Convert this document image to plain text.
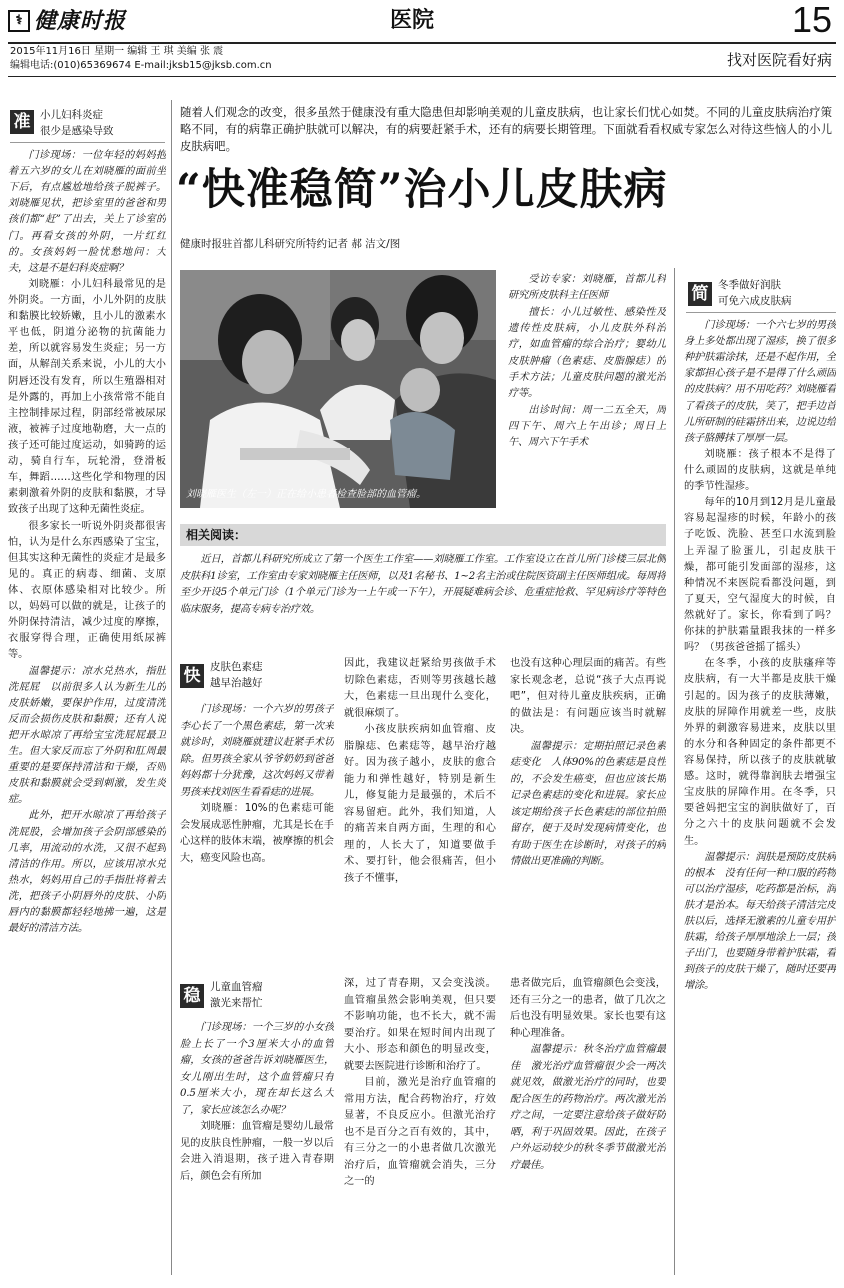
⚕ 健康时报	医院	15
2015年11月16日 星期一 编辑 王 琪 美编 张 震
编辑电话:(010)65369674 E-mail:jksb15@jksb.com.cn	找对医院看好病
准 小儿妇科炎症
很少是感染导致

门诊现场：一位年轻的妈妈抱着五六岁的女儿在刘晓雁的面前坐下后，有点尴尬地给孩子脱裤子。刘晓雁见状，把诊室里的爸爸和男孩们都“赶”了出去，关上了诊室的门。再看女孩的外阴，一片红红的。女孩妈妈一脸忧愁地问：大夫，这是不是妇科炎症啊？

刘晓雁：小儿妇科最常见的是外阴炎。一方面，小儿外阴的皮肤和黏膜比较娇嫩，且小儿的激素水平也低，阴道分泌物的抗菌能力差，所以就容易发生炎症；另一方面，从解剖关系来说，小儿的大小阴唇还没有发育，所以生殖器相对是外露的，再加上小孩常常不能自主控制排尿过程，阴部经常被尿尿液，被裤子过度地勒磨，大一点的孩子还可能过度运动，如骑跨的运动，骑自行车，玩轮滑，登滑板车，舞蹈……这些化学和物理的因素刺激着外阴的皮肤和黏膜，才导致孩子出现了这种无菌性炎症。

很多家长一听说外阴炎都很害怕，认为是什么东西感染了宝宝，但其实这种无菌性的炎症才是最多见的。真正的病毒、细菌、支原体、衣原体感染相对比较少。所以，妈妈可以做的就是，让孩子的外阴保持清洁，减少过度的摩擦，衣服穿得合理，正确使用纸尿裤等。

温馨提示：凉水兑热水，指肚洗屁屁　以前很多人认为新生儿的皮肤娇嫩，要保护作用，过度清洗反而会损伤皮肤和黏膜；还有人说把开水晾凉了再给宝宝洗屁屁最卫生。但大家反而忘了外阴和肛周最重要的是要保持清洁和干燥，否则皮肤和黏膜就会受到刺激，发生炎症。

此外，把开水晾凉了再给孩子洗屁股，会增加孩子会阴部感染的几率，用流动的水洗，又很不起到清洁的作用。所以，应该用凉水兑热水，妈妈用自己的手指肚将着去洗，把孩子小阴唇外的皮肤、小阴唇内的黏膜都轻轻地拂一遍，这是最好的清洁方法。

随着人们观念的改变，很多虽然于健康没有重大隐患但却影响美观的儿童皮肤病，也让家长们忧心如焚。不同的儿童皮肤病治疗策略不同，有的病靠正确护肤就可以解决，有的病要赶紧手术，还有的病要长期管理。下面就看看权威专家怎么对待这些恼人的小儿皮肤病吧。
“快准稳简”治小儿皮肤病
健康时报驻首都儿科研究所特约记者 郝 洁文/图
刘晓雁医生（左一）正在给小患者检查脸部的血管瘤。

受访专家：刘晓雁，首都儿科研究所皮肤科主任医师

擅长：小儿过敏性、感染性及遗传性皮肤病，小儿皮肤外科治疗，如血管瘤的综合治疗；婴幼儿皮肤肿瘤（色素痣、皮脂腺痣）的手术方法；儿童皮肤问题的激光治疗等。

出诊时间：周一二五全天，周四下午、周六上午出诊；周日上午、周六下午手术

相关阅读：

近日，首都儿科研究所成立了第一个医生工作室——刘晓雁工作室。工作室设立在首儿所门诊楼三层北侧皮肤科1诊室，工作室由专家刘晓雁主任医师，以及1名秘书、1~2名主治或住院医资副主任医师组成。每周将至少开设5个单元门诊（1个单元门诊为一上午或一下午），开展疑难病会诊、危重症抢救、罕见病诊疗等特色临床服务，提高专病专治疗效。

快 皮肤色素痣
越早治越好

门诊现场：一个六岁的男孩子李心长了一个黑色素痣，第一次来就诊时，刘晓雁就建议赶紧手术切除。但男孩全家从爷爷奶奶到爸爸妈妈都十分犹豫，这次妈妈又带着男孩来找刘医生看看痣的进展。

刘晓雁：10%的色素痣可能会发展成恶性肿瘤，尤其是长在手心这样的肢体末端，被摩擦的机会大，癌变风险也高。

因此，我建议赶紧给男孩做手术切除色素痣，否则等男孩越长越大，色素痣一旦出现什么变化，就很麻烦了。

小孩皮肤疾病如血管瘤、皮脂腺痣、色素痣等，越早治疗越好。因为孩子越小，皮肤的愈合能力和弹性越好，特别是新生儿，修复能力是最强的，术后不容易留疤。此外，我们知道，人的痛苦来自两方面，生理的和心理的，人长大了，知道要做手术、要打针，他会很痛苦，但小孩子不懂事，

也没有这种心理层面的痛苦。有些家长观念老，总说“孩子大点再说吧”，但对待儿童皮肤疾病，正确的做法是：有问题应该当时就解决。

温馨提示：定期拍照记录色素痣变化　人体90%的色素痣是良性的，不会发生癌变，但也应该长期记录色素痣的变化和进展。家长应该定期给孩子长色素痣的部位拍照留存，便于及时发现病情变化，也有助于医生在诊断时，对孩子的病情做出更准确的判断。

稳 儿童血管瘤
激光来帮忙

门诊现场：一个三岁的小女孩脸上长了一个3厘米大小的血管瘤，女孩的爸爸告诉刘晓雁医生，女儿刚出生时，这个血管瘤只有0.5厘米大小，现在却长这么大了，家长应该怎么办呢？

刘晓雁：血管瘤是婴幼儿最常见的皮肤良性肿瘤，一般一岁以后会进入消退期，孩子进入青春期后，颜色会有所加

深，过了青春期，又会变浅淡。血管瘤虽然会影响美观，但只要不影响功能，也不长大，就不需要治疗。如果在短时间内出现了大小、形态和颜色的明显改变，就要去医院进行诊断和治疗了。

目前，激光是治疗血管瘤的常用方法，配合药物治疗，疗效显著，不良反应小。但激光治疗也不是百分之百有效的，其中，有三分之一的小患者做几次激光治疗后，血管瘤就会消失，三分之一的

患者做完后，血管瘤颜色会变浅，还有三分之一的患者，做了几次之后也没有明显效果。家长也要有这种心理准备。

温馨提示：秋冬治疗血管瘤最佳　激光治疗血管瘤很少会一两次就见效，做激光治疗的同时，也要配合医生的药物治疗。两次激光治疗之间，一定要注意给孩子做好防晒，利于巩固效果。因此，在孩子户外运动较少的秋冬季节做激光治疗最佳。

简 冬季做好润肤
可免六成皮肤病

门诊现场：一个六七岁的男孩身上多处都出现了湿疹，换了很多种护肤霜涂抹，还是不起作用，全家都担心孩子是不是得了什么顽固的皮肤病？用不用吃药？刘晓雁看了看孩子的皮肤，笑了，把手边首儿所研制的硅霜挤出来，边说边给孩子胳膊抹了厚厚一层。

刘晓雁：孩子根本不是得了什么顽固的皮肤病，这就是单纯的季节性湿疹。

每年的10月到12月是儿童最容易起湿疹的时候，年龄小的孩子吃饭、洗脸、甚至口水流到脸上弄湿了脸蛋儿，引起皮肤干燥，都可能引发面部的湿疹，这种情况不来医院看都没问题，到了夏天，空气湿度大的时候，自然就好了。家长，你看到了吗？你抹的护肤霜量跟我抹的一样多吗？（男孩爸爸摇了摇头）

在冬季，小孩的皮肤瘙痒等皮肤病，有一大半都是皮肤干燥引起的。因为孩子的皮肤薄嫩，皮肤的屏障作用就差一些，皮肤外界的刺激容易进来，皮肤以里的水分和各种固定的条件都更不容易保持，所以孩子的皮肤就敏感。这时，就得靠润肤去增强宝宝皮肤的屏障作用。在冬季，只要爸妈把宝宝的润肤做好了，百分之六十的皮肤问题就不会发生。

温馨提示：润肤是预防皮肤病的根本　没有任何一种口服的药物可以治疗湿疹，吃药都是治标，润肤才是治本。每天给孩子清洁完皮肤以后，选择无激素的儿童专用护肤霜，给孩子厚厚地涂上一层；孩子出门，也要随身带着护肤霜，看到孩子的皮肤干燥了，随时还要再增涂。
